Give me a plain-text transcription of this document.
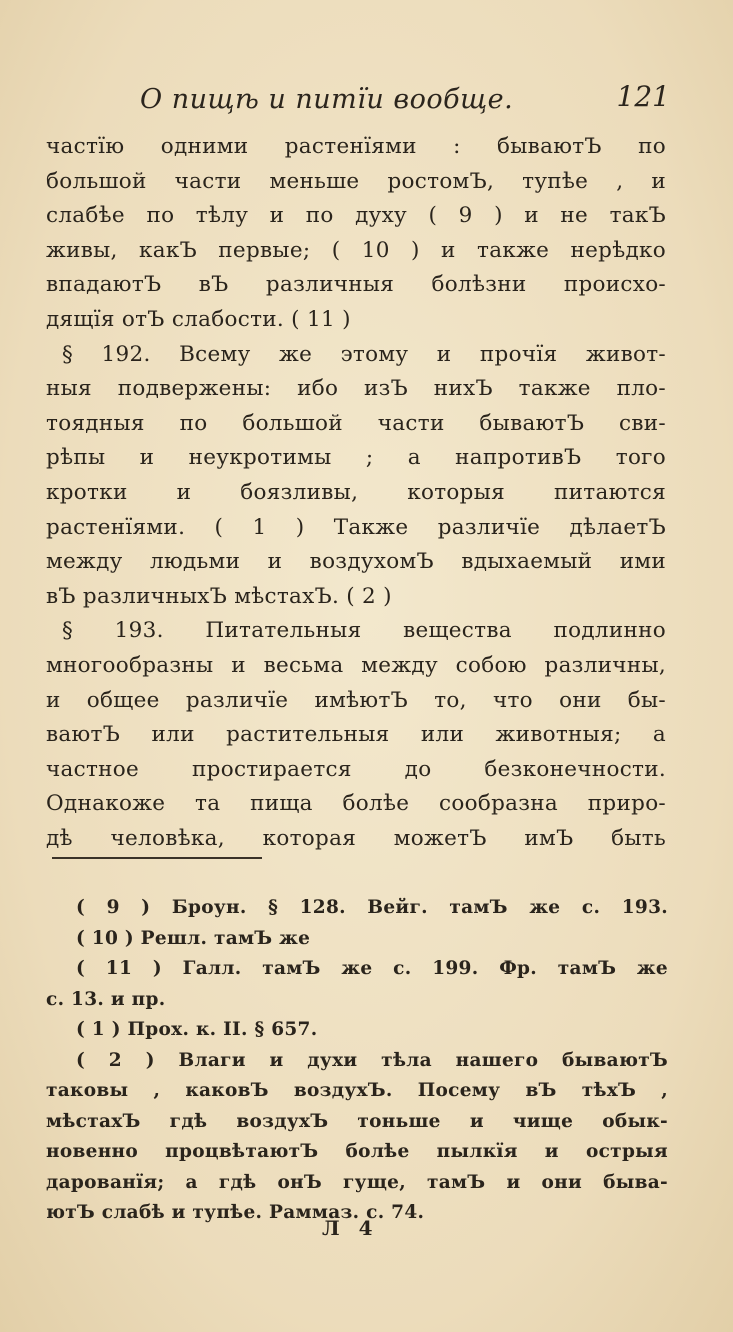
О пищѣ и питїи вообще.	121
частїю одними растенїями : бываютЪ по
большой части меньше ростомЪ, тупѣе , и
слабѣе по тѣлу и по духу ( 9 ) и не такЪ
живы, какЪ первые; ( 10 ) и также нерѣдко
впадаютЪ вЪ различныя болѣзни происхо-
дящїя отЪ слабости. ( 11 )
§ 192. Всему же этому и прочїя живот-
ныя подвержены: ибо изЪ нихЪ также пло-
тоядныя по большой части бываютЪ сви-
рѣпы и неукротимы ; а напротивЪ того
кротки и боязливы, которыя питаются
растенїями. ( 1 ) Также различїе дѣлаетЪ
между людьми и воздухомЪ вдыхаемый ими
вЪ различныхЪ мѣстахЪ. ( 2 )
§ 193. Питательныя вещества подлинно
многообразны и весьма между собою различны,
и общее различїе имѣютЪ то, что они бы-
ваютЪ или растительныя или животныя; а
частное простирается до безконечности.
Однакоже та пища болѣе сообразна приро-
дѣ человѣка, которая можетЪ имЪ быть
( 9 ) Броун. § 128. Вейг. тамЪ же с. 193.
( 10 ) Решл. тамЪ же
( 11 ) Галл. тамЪ же с. 199. Фр. тамЪ же
с. 13. и пр.
( 1 ) Прох. к. II. § 657.
( 2 ) Влаги и духи тѣла нашего бываютЪ
таковы , каковЪ воздухЪ. Посему вЪ тѣхЪ ,
мѣстахЪ гдѣ воздухЪ тоньше и чище обык-
новенно процвѣтаютЪ болѣе пылкїя и острыя
дарованїя; а гдѣ онЪ гуще, тамЪ и они быва-
ютЪ слабѣ и тупѣе. Раммаз. с. 74.
Л 4
